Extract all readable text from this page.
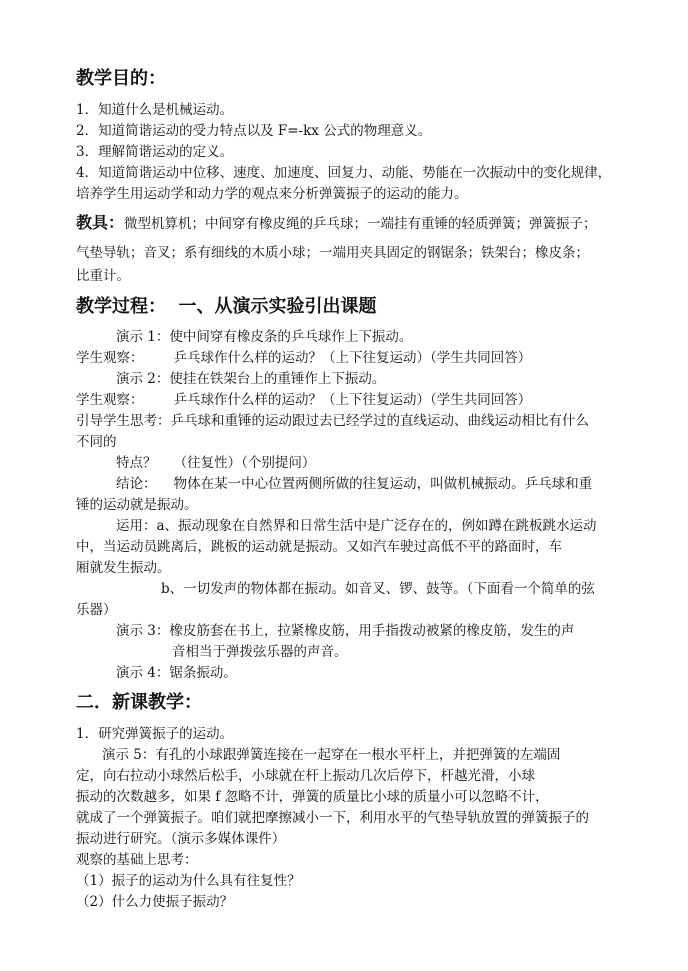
教学目的：
1．知道什么是机械运动。
2．知道简谐运动的受力特点以及 F=-kx 公式的物理意义。
3．理解简谐运动的定义。
4．知道简谐运动中位移、速度、加速度、回复力、动能、势能在一次振动中的变化规律，
培养学生用运动学和动力学的观点来分析弹簧振子的运动的能力。
教具：微型机算机；中间穿有橡皮绳的乒乓球；一端挂有重锤的轻质弹簧；弹簧振子；
气垫导轨；音叉；系有细线的木质小球；一端用夹具固定的钢锯条；铁架台；橡皮条；
比重计。
教学过程：  一、从演示实验引出课题
演示 1：使中间穿有橡皮条的乒乓球作上下振动。
学生观察：       乒乓球作什么样的运动？（上下往复运动）（学生共同回答）
演示 2：使挂在铁架台上的重锤作上下振动。
学生观察：       乒乓球作什么样的运动？（上下往复运动）（学生共同回答）
引导学生思考：乒乓球和重锤的运动跟过去已经学过的直线运动、曲线运动相比有什么
不同的
特点？    （往复性）（个别提问）
结论：    物体在某一中心位置两侧所做的往复运动，叫做机械振动。乒乓球和重
锤的运动就是振动。
运用：a、振动现象在自然界和日常生活中是广泛存在的，例如蹲在跳板跳水运动
中，当运动员跳离后，跳板的运动就是振动。又如汽车驶过高低不平的路面时，车
厢就发生振动。
b、一切发声的物体都在振动。如音叉、锣、鼓等。（下面看一个简单的弦
乐器）
演示 3：橡皮筋套在书上，拉紧橡皮筋，用手指拨动被紧的橡皮筋，发生的声
音相当于弹拨弦乐器的声音。
演示 4：锯条振动。
二．新课教学：
1．研究弹簧振子的运动。
演示 5：有孔的小球跟弹簧连接在一起穿在一根水平杆上，并把弹簧的左端固
定，向右拉动小球然后松手，小球就在杆上振动几次后停下，杆越光滑，小球
振动的次数越多，如果 f 忽略不计，弹簧的质量比小球的质量小可以忽略不计，
就成了一个弹簧振子。咱们就把摩擦减小一下，利用水平的气垫导轨放置的弹簧振子的
振动进行研究。（演示多媒体课件）
观察的基础上思考：
（1）振子的运动为什么具有往复性？
（2）什么力使振子振动？
